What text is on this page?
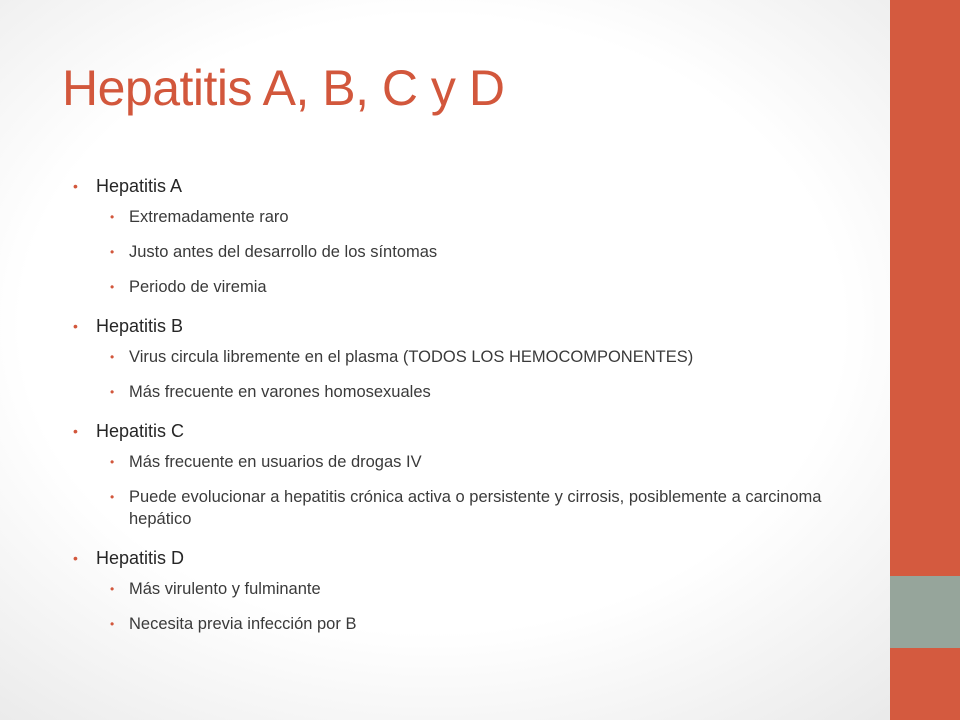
Hepatitis A, B, C y D
• Hepatitis A
• Extremadamente raro
• Justo antes del desarrollo de los síntomas
• Periodo de viremia
• Hepatitis B
• Virus circula libremente en el plasma (TODOS LOS HEMOCOMPONENTES)
• Más frecuente en varones homosexuales
• Hepatitis C
• Más frecuente en usuarios de drogas IV
• Puede evolucionar a hepatitis crónica activa o persistente y cirrosis, posiblemente a carcinoma hepático
• Hepatitis D
• Más virulento y fulminante
• Necesita previa infección por B
